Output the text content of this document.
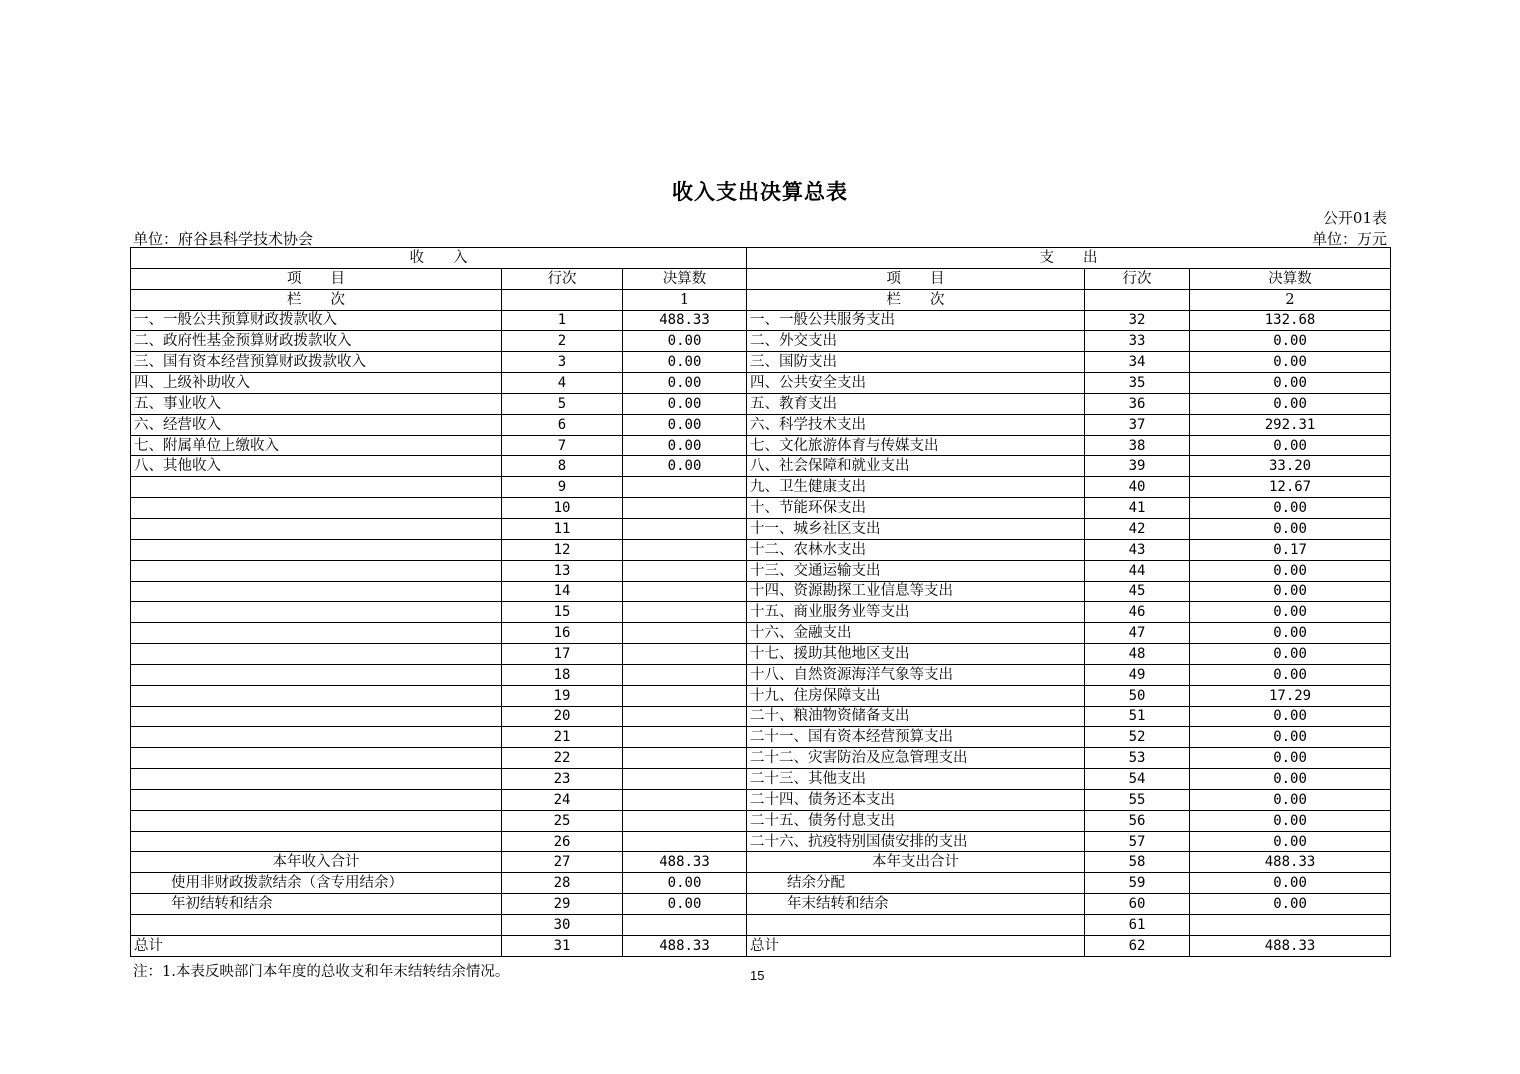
收入支出决算总表
公开01表
单位：府谷县科学技术协会	单位：万元
收　　入			支　　出		
项　　目	行次	决算数	项　　目	行次	决算数
栏　　次		1	栏　　次		2
一、一般公共预算财政拨款收入	1	488.33	一、一般公共服务支出	32	132.68
二、政府性基金预算财政拨款收入	2	0.00	二、外交支出	33	0.00
三、国有资本经营预算财政拨款收入	3	0.00	三、国防支出	34	0.00
四、上级补助收入	4	0.00	四、公共安全支出	35	0.00
五、事业收入	5	0.00	五、教育支出	36	0.00
六、经营收入	6	0.00	六、科学技术支出	37	292.31
七、附属单位上缴收入	7	0.00	七、文化旅游体育与传媒支出	38	0.00
八、其他收入	8	0.00	八、社会保障和就业支出	39	33.20
	9		九、卫生健康支出	40	12.67
	10		十、节能环保支出	41	0.00
	11		十一、城乡社区支出	42	0.00
	12		十二、农林水支出	43	0.17
	13		十三、交通运输支出	44	0.00
	14		十四、资源勘探工业信息等支出	45	0.00
	15		十五、商业服务业等支出	46	0.00
	16		十六、金融支出	47	0.00
	17		十七、援助其他地区支出	48	0.00
	18		十八、自然资源海洋气象等支出	49	0.00
	19		十九、住房保障支出	50	17.29
	20		二十、粮油物资储备支出	51	0.00
	21		二十一、国有资本经营预算支出	52	0.00
	22		二十二、灾害防治及应急管理支出	53	0.00
	23		二十三、其他支出	54	0.00
	24		二十四、债务还本支出	55	0.00
	25		二十五、债务付息支出	56	0.00
	26		二十六、抗疫特别国债安排的支出	57	0.00
本年收入合计	27	488.33	本年支出合计	58	488.33
使用非财政拨款结余（含专用结余）	28	0.00	结余分配	59	0.00
年初结转和结余	29	0.00	年末结转和结余	60	0.00
	30			61	
总计	31	488.33	总计	62	488.33
注：1.本表反映部门本年度的总收支和年末结转结余情况。	15
